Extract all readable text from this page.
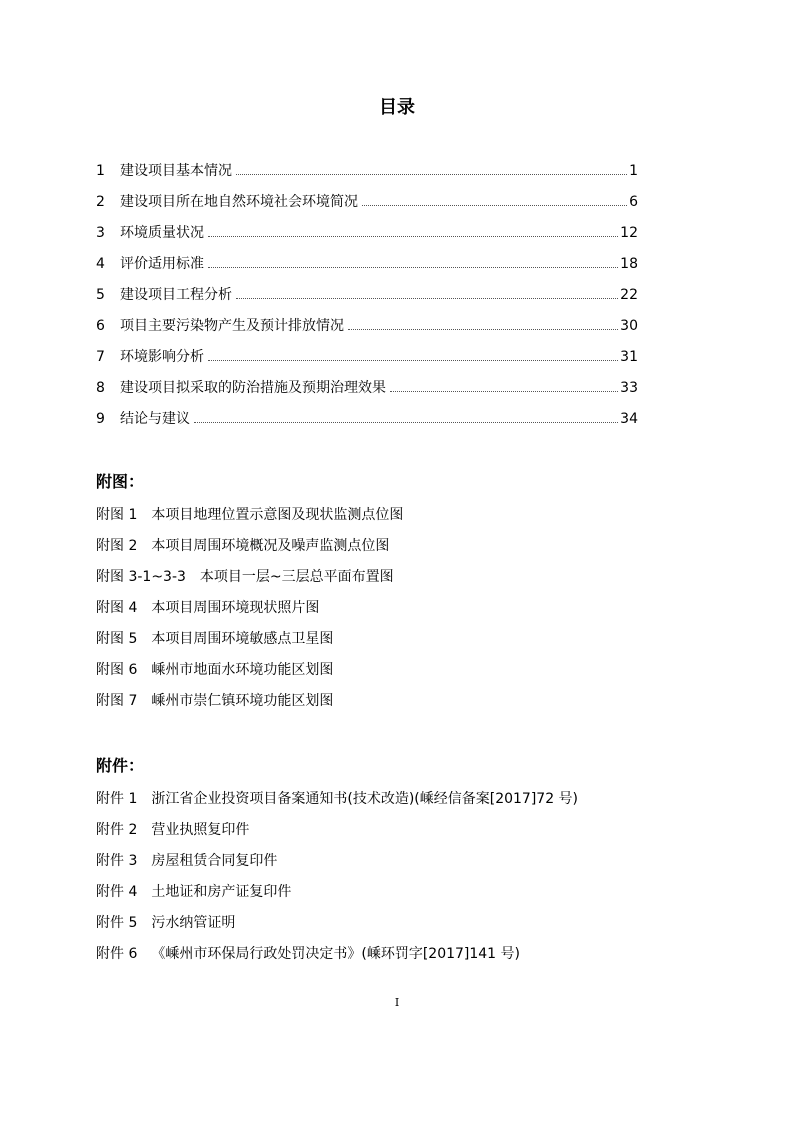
目录
1	建设项目基本情况	1
2	建设项目所在地自然环境社会环境简况	6
3	环境质量状况	12
4	评价适用标准	18
5	建设项目工程分析	22
6	项目主要污染物产生及预计排放情况	30
7	环境影响分析	31
8	建设项目拟采取的防治措施及预期治理效果	33
9	结论与建议	34
附图：
附图 1 本项目地理位置示意图及现状监测点位图
附图 2 本项目周围环境概况及噪声监测点位图
附图 3-1~3-3 本项目一层~三层总平面布置图
附图 4 本项目周围环境现状照片图
附图 5 本项目周围环境敏感点卫星图
附图 6 嵊州市地面水环境功能区划图
附图 7 嵊州市崇仁镇环境功能区划图
附件：
附件 1 浙江省企业投资项目备案通知书(技术改造)(嵊经信备案[2017]72 号)
附件 2 营业执照复印件
附件 3 房屋租赁合同复印件
附件 4 土地证和房产证复印件
附件 5 污水纳管证明
附件 6 《嵊州市环保局行政处罚决定书》(嵊环罚字[2017]141 号)
I
